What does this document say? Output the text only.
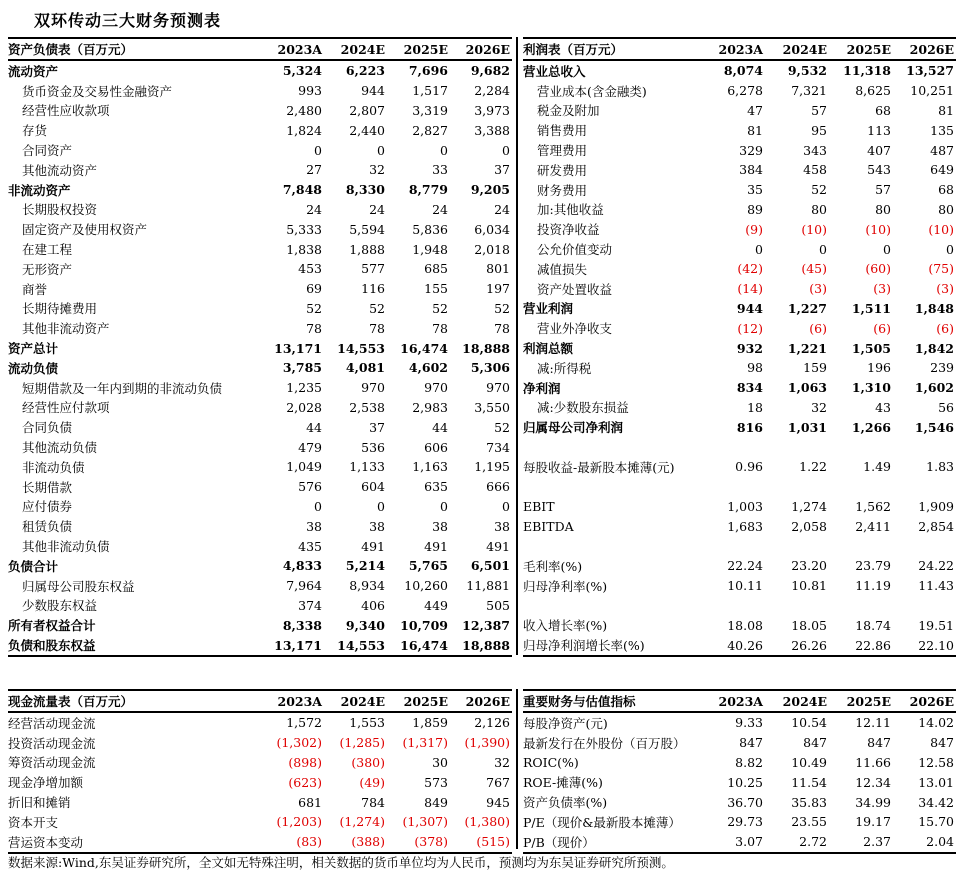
双环传动三大财务预测表
资产负债表（百万元）	2023A	2024E	2025E	2026E
流动资产	5,324	6,223	7,696	9,682
货币资金及交易性金融资产	993	944	1,517	2,284
经营性应收款项	2,480	2,807	3,319	3,973
存货	1,824	2,440	2,827	3,388
合同资产	0	0	0	0
其他流动资产	27	32	33	37
非流动资产	7,848	8,330	8,779	9,205
长期股权投资	24	24	24	24
固定资产及使用权资产	5,333	5,594	5,836	6,034
在建工程	1,838	1,888	1,948	2,018
无形资产	453	577	685	801
商誉	69	116	155	197
长期待摊费用	52	52	52	52
其他非流动资产	78	78	78	78
资产总计	13,171	14,553	16,474	18,888
流动负债	3,785	4,081	4,602	5,306
短期借款及一年内到期的非流动负债	1,235	970	970	970
经营性应付款项	2,028	2,538	2,983	3,550
合同负债	44	37	44	52
其他流动负债	479	536	606	734
非流动负债	1,049	1,133	1,163	1,195
长期借款	576	604	635	666
应付债券	0	0	0	0
租赁负债	38	38	38	38
其他非流动负债	435	491	491	491
负债合计	4,833	5,214	5,765	6,501
归属母公司股东权益	7,964	8,934	10,260	11,881
少数股东权益	374	406	449	505
所有者权益合计	8,338	9,340	10,709	12,387
负债和股东权益	13,171	14,553	16,474	18,888
利润表（百万元）	2023A	2024E	2025E	2026E
营业总收入	8,074	9,532	11,318	13,527
营业成本(含金融类)	6,278	7,321	8,625	10,251
税金及附加	47	57	68	81
销售费用	81	95	113	135
管理费用	329	343	407	487
研发费用	384	458	543	649
财务费用	35	52	57	68
加:其他收益	89	80	80	80
投资净收益	(9)	(10)	(10)	(10)
公允价值变动	0	0	0	0
减值损失	(42)	(45)	(60)	(75)
资产处置收益	(14)	(3)	(3)	(3)
营业利润	944	1,227	1,511	1,848
营业外净收支	(12)	(6)	(6)	(6)
利润总额	932	1,221	1,505	1,842
减:所得税	98	159	196	239
净利润	834	1,063	1,310	1,602
减:少数股东损益	18	32	43	56
归属母公司净利润	816	1,031	1,266	1,546

每股收益-最新股本摊薄(元)	0.96	1.22	1.49	1.83

EBIT	1,003	1,274	1,562	1,909
EBITDA	1,683	2,058	2,411	2,854

毛利率(%)	22.24	23.20	23.79	24.22
归母净利率(%)	10.11	10.81	11.19	11.43

收入增长率(%)	18.08	18.05	18.74	19.51
归母净利润增长率(%)	40.26	26.26	22.86	22.10
现金流量表（百万元）	2023A	2024E	2025E	2026E
经营活动现金流	1,572	1,553	1,859	2,126
投资活动现金流	(1,302)	(1,285)	(1,317)	(1,390)
筹资活动现金流	(898)	(380)	30	32
现金净增加额	(623)	(49)	573	767
折旧和摊销	681	784	849	945
资本开支	(1,203)	(1,274)	(1,307)	(1,380)
营运资本变动	(83)	(388)	(378)	(515)
重要财务与估值指标	2023A	2024E	2025E	2026E
每股净资产(元)	9.33	10.54	12.11	14.02
最新发行在外股份（百万股）	847	847	847	847
ROIC(%)	8.82	10.49	11.66	12.58
ROE-摊薄(%)	10.25	11.54	12.34	13.01
资产负债率(%)	36.70	35.83	34.99	34.42
P/E（现价&最新股本摊薄）	29.73	23.55	19.17	15.70
P/B（现价）	3.07	2.72	2.37	2.04
数据来源:Wind,东吴证券研究所，全文如无特殊注明，相关数据的货币单位均为人民币，预测均为东吴证券研究所预测。
